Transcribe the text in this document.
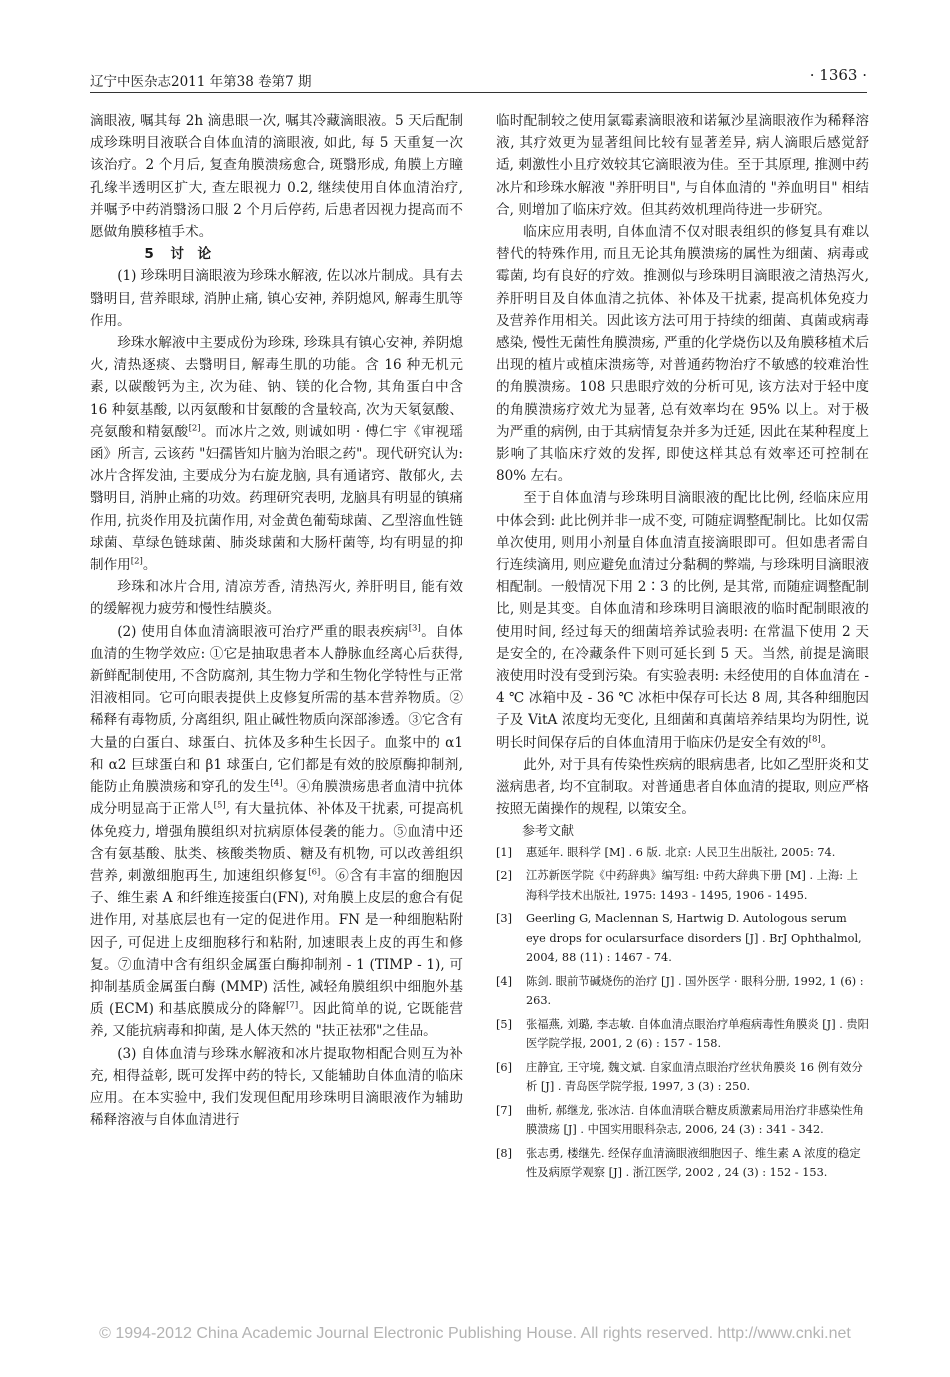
辽宁中医杂志2011 年第38 卷第7 期	· 1363 ·

滴眼液, 嘱其每 2h 滴患眼一次, 嘱其冷藏滴眼液。5 天后配制成珍珠明目液联合自体血清的滴眼液, 如此, 每 5 天重复一次该治疗。2 个月后, 复查角膜溃疡愈合, 斑翳形成, 角膜上方瞳孔缘半透明区扩大, 查左眼视力 0.2, 继续使用自体血清治疗, 并嘱予中药消翳汤口服 2 个月后停药, 后患者因视力提高而不愿做角膜移植手术。

5 讨　论

(1) 珍珠明目滴眼液为珍珠水解液, 佐以冰片制成。具有去翳明目, 营养眼球, 消肿止痛, 镇心安神, 养阴熄风, 解毒生肌等作用。

珍珠水解液中主要成份为珍珠, 珍珠具有镇心安神, 养阴熄火, 清热逐痰、去翳明目, 解毒生肌的功能。含 16 种无机元素, 以碳酸钙为主, 次为硅、钠、镁的化合物, 其角蛋白中含 16 种氨基酸, 以丙氨酸和甘氨酸的含量较高, 次为天氡氨酸、亮氨酸和精氨酸[2]。而冰片之效, 则诚如明 · 傅仁宇《审视瑶函》所言, 云该药 "妇孺皆知片脑为治眼之药"。现代研究认为: 冰片含挥发油, 主要成分为右旋龙脑, 具有通诸窍、散郁火, 去翳明目, 消肿止痛的功效。药理研究表明, 龙脑具有明显的镇痛作用, 抗炎作用及抗菌作用, 对金黄色葡萄球菌、乙型溶血性链球菌、草绿色链球菌、肺炎球菌和大肠杆菌等, 均有明显的抑制作用[2]。

珍珠和冰片合用, 清凉芳香, 清热泻火, 养肝明目, 能有效的缓解视力疲劳和慢性结膜炎。

(2) 使用自体血清滴眼液可治疗严重的眼表疾病[3]。自体血清的生物学效应: ①它是抽取患者本人静脉血经离心后获得, 新鲜配制使用, 不含防腐剂, 其生物力学和生物化学特性与正常泪液相同。它可向眼表提供上皮修复所需的基本营养物质。②稀释有毒物质, 分离组织, 阻止碱性物质向深部渗透。③它含有大量的白蛋白、球蛋白、抗体及多种生长因子。血浆中的 α1 和 α2 巨球蛋白和 β1 球蛋白, 它们都是有效的胶原酶抑制剂, 能防止角膜溃疡和穿孔的发生[4]。④角膜溃疡患者血清中抗体成分明显高于正常人[5], 有大量抗体、补体及干扰素, 可提高机体免疫力, 增强角膜组织对抗病原体侵袭的能力。⑤血清中还含有氨基酸、肽类、核酸类物质、糖及有机物, 可以改善组织营养, 刺激细胞再生, 加速组织修复[6]。⑥含有丰富的细胞因子、维生素 A 和纤维连接蛋白(FN), 对角膜上皮层的愈合有促进作用, 对基底层也有一定的促进作用。FN 是一种细胞粘附因子, 可促进上皮细胞移行和粘附, 加速眼表上皮的再生和修复。⑦血清中含有组织金属蛋白酶抑制剂 - 1 (TIMP - 1), 可抑制基质金属蛋白酶 (MMP) 活性, 减轻角膜组织中细胞外基质 (ECM) 和基底膜成分的降解[7]。因此简单的说, 它既能营养, 又能抗病毒和抑菌, 是人体天然的 "扶正祛邪"之佳品。

(3) 自体血清与珍珠水解液和冰片提取物相配合则互为补充, 相得益彰, 既可发挥中药的特长, 又能辅助自体血清的临床应用。在本实验中, 我们发现但配用珍珠明目滴眼液作为辅助稀释溶液与自体血清进行

临时配制较之使用氯霉素滴眼液和诺氟沙星滴眼液作为稀释溶液, 其疗效更为显著组间比较有显著差异, 病人滴眼后感觉舒适, 刺激性小且疗效较其它滴眼液为佳。至于其原理, 推测中药冰片和珍珠水解液 "养肝明目", 与自体血清的 "养血明目" 相结合, 则增加了临床疗效。但其药效机理尚待进一步研究。

临床应用表明, 自体血清不仅对眼表组织的修复具有难以替代的特殊作用, 而且无论其角膜溃疡的属性为细菌、病毒或霉菌, 均有良好的疗效。推测似与珍珠明目滴眼液之清热泻火, 养肝明目及自体血清之抗体、补体及干扰素, 提高机体免疫力及营养作用相关。因此该方法可用于持续的细菌、真菌或病毒感染, 慢性无菌性角膜溃疡, 严重的化学烧伤以及角膜移植术后出现的植片或植床溃疡等, 对普通药物治疗不敏感的较难治性的角膜溃疡。108 只患眼疗效的分析可见, 该方法对于轻中度的角膜溃疡疗效尤为显著, 总有效率均在 95% 以上。对于极为严重的病例, 由于其病情复杂并多为迁延, 因此在某种程度上影响了其临床疗效的发挥, 即使这样其总有效率还可控制在 80% 左右。

至于自体血清与珍珠明目滴眼液的配比比例, 经临床应用中体会到: 此比例并非一成不变, 可随症调整配制比。比如仅需单次使用, 则用小剂量自体血清直接滴眼即可。但如患者需自行连续滴用, 则应避免血清过分黏稠的弊端, 与珍珠明目滴眼液相配制。一般情况下用 2∶3 的比例, 是其常, 而随症调整配制比, 则是其变。自体血清和珍珠明目滴眼液的临时配制眼液的使用时间, 经过每天的细菌培养试验表明: 在常温下使用 2 天是安全的, 在冷藏条件下则可延长到 5 天。当然, 前提是滴眼液使用时没有受到污染。有实验表明: 未经使用的自体血清在 - 4 ℃ 冰箱中及 - 36 ℃ 冰柜中保存可长达 8 周, 其各种细胞因子及 VitA 浓度均无变化, 且细菌和真菌培养结果均为阴性, 说明长时间保存后的自体血清用于临床仍是安全有效的[8]。

此外, 对于具有传染性疾病的眼病患者, 比如乙型肝炎和艾滋病患者, 均不宜制取。对普通患者自体血清的提取, 则应严格按照无菌操作的规程, 以策安全。

参考文献

[1] 惠延年. 眼科学 [M] . 6 版. 北京: 人民卫生出版社, 2005: 74.
[2] 江苏新医学院《中药辞典》编写组: 中药大辞典下册 [M] . 上海: 上海科学技术出版社, 1975: 1493 - 1495, 1906 - 1495.
[3] Geerling G, Maclennan S, Hartwig D. Autologous serum eye drops for ocularsurface disorders [J] . BrJ Ophthalmol, 2004, 88 (11) : 1467 - 74.
[4] 陈剑. 眼前节碱烧伤的治疗 [J] . 国外医学 · 眼科分册, 1992, 1 (6) : 263.
[5] 张福燕, 刘璐, 李志敏. 自体血清点眼治疗单疱病毒性角膜炎 [J] . 贵阳医学院学报, 2001, 2 (6) : 157 - 158.
[6] 庄静宜, 王守境, 魏文斌. 自家血清点眼治疗丝状角膜炎 16 例有效分析 [J] . 青岛医学院学报, 1997, 3 (3) : 250.
[7] 曲析, 郝继龙, 张冰洁. 自体血清联合糖皮质激素局用治疗非感染性角膜溃疡 [J] . 中国实用眼科杂志, 2006, 24 (3) : 341 - 342.
[8] 张志勇, 楼继先. 经保存血清滴眼液细胞因子、维生素 A 浓度的稳定性及病原学观察 [J] . 浙江医学, 2002 , 24 (3) : 152 - 153.
© 1994-2012 China Academic Journal Electronic Publishing House. All rights reserved. http://www.cnki.net
